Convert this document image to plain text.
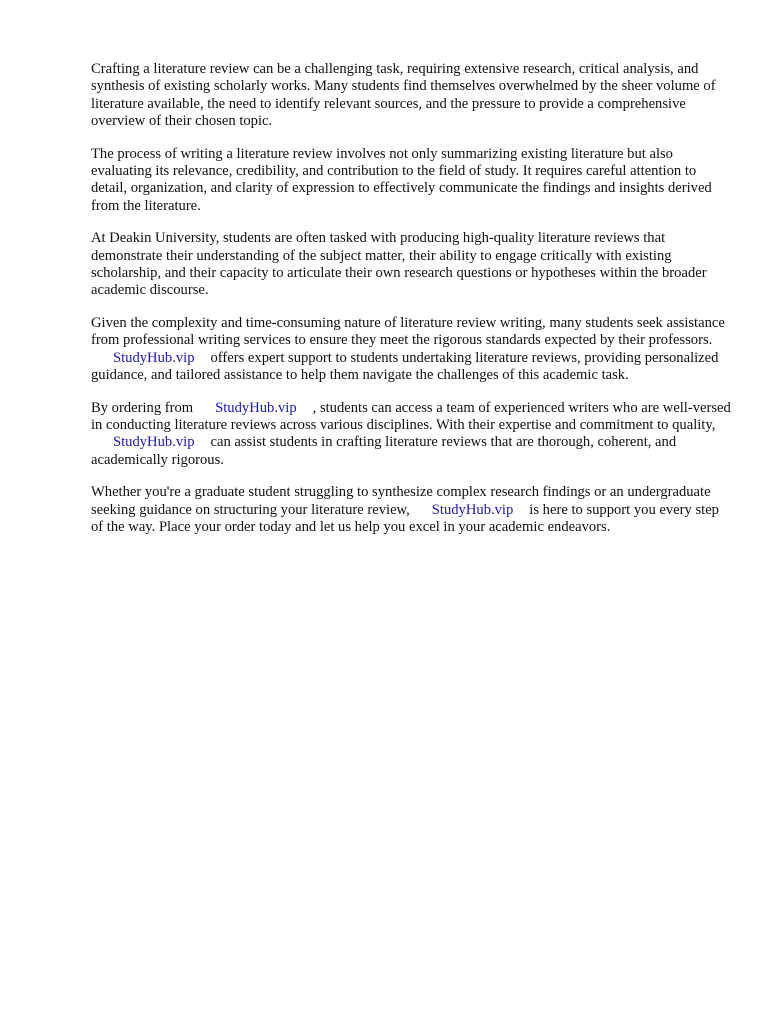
Crafting a literature review can be a challenging task, requiring extensive research, critical analysis, and synthesis of existing scholarly works. Many students find themselves overwhelmed by the sheer volume of literature available, the need to identify relevant sources, and the pressure to provide a comprehensive overview of their chosen topic.

The process of writing a literature review involves not only summarizing existing literature but also evaluating its relevance, credibility, and contribution to the field of study. It requires careful attention to detail, organization, and clarity of expression to effectively communicate the findings and insights derived from the literature.

At Deakin University, students are often tasked with producing high-quality literature reviews that demonstrate their understanding of the subject matter, their ability to engage critically with existing scholarship, and their capacity to articulate their own research questions or hypotheses within the broader academic discourse.

Given the complexity and time-consuming nature of literature review writing, many students seek assistance from professional writing services to ensure they meet the rigorous standards expected by their professors.StudyHub.vip offers expert support to students undertaking literature reviews, providing personalized guidance, and tailored assistance to help them navigate the challenges of this academic task.

By ordering from StudyHub.vip , students can access a team of experienced writers who are well-versed in conducting literature reviews across various disciplines. With their expertise and commitment to quality,StudyHub.vip can assist students in crafting literature reviews that are thorough, coherent, and academically rigorous.

Whether you're a graduate student struggling to synthesize complex research findings or an undergraduate seeking guidance on structuring your literature review, StudyHub.vip is here to support you every step of the way. Place your order today and let us help you excel in your academic endeavors.
